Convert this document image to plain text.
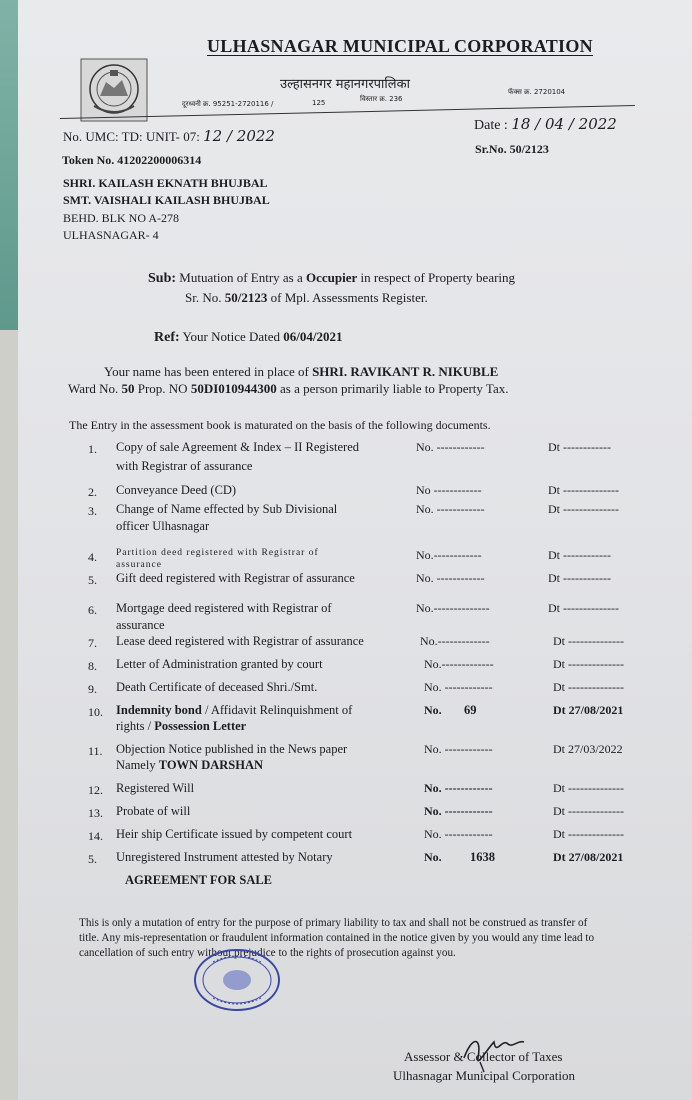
ULHASNAGAR MUNICIPAL CORPORATION
उल्हासनगर महानगरपालिका
दूरध्वनी क्र. 95251-2720116 /	125	विस्तार क्र. 236
फॅक्स क्र. 2720104
No. UMC: TD: UNIT- 07: 12 / 2022
Date : 18 / 04 / 2022
Token No. 41202200006314
Sr.No. 50/2123
SHRI. KAILASH EKNATH BHUJBAL
SMT. VAISHALI KAILASH BHUJBAL
BEHD. BLK NO A-278
ULHASNAGAR- 4
Sub: Mutuation of Entry as a Occupier in respect of Property bearing
Sr. No. 50/2123 of Mpl. Assessments Register.
Ref: Your Notice Dated 06/04/2021
Your name has been entered in place of SHRI. RAVIKANT R. NIKUBLE
Ward No. 50 Prop. NO 50DI010944300 as a person primarily liable to Property Tax.
The Entry in the assessment book is maturated on the basis of the following documents.
1. Copy of sale Agreement & Index – II Registered
with Registrar of assurance
No. ------------	Dt ------------
2. Conveyance Deed (CD)	No ------------	Dt --------------
3. Change of Name effected by Sub Divisional
officer Ulhasnagar
No. ------------	Dt --------------
4. Partition deed registered with Registrar of
assurance
No.------------	Dt ------------
5. Gift deed registered with Registrar of assurance	No. ------------	Dt ------------
6. Mortgage deed registered with Registrar of
assurance
No.--------------	Dt --------------
7. Lease deed registered with Registrar of assurance	No.-------------	Dt --------------
8. Letter of Administration granted by court	No.-------------	Dt --------------
9. Death Certificate of deceased Shri./Smt.	No. ------------	Dt --------------
10. Indemnity bond / Affidavit Relinquishment of
rights / Possession Letter
No. 69	Dt 27/08/2021
11. Objection Notice published in the News paper
Namely TOWN DARSHAN
No. ------------	Dt 27/03/2022
12. Registered Will	No. ------------	Dt --------------
13. Probate of will	No. ------------	Dt --------------
14. Heir ship Certificate issued by competent court	No. ------------	Dt --------------
5. Unregistered Instrument attested by Notary
AGREEMENT FOR SALE
No. 1638	Dt 27/08/2021
This is only a mutation of entry for the purpose of primary liability to tax and shall not be construed as transfer of
title. Any mis-representation or fraudulent information contained in the notice given by you would any time lead to
cancellation of such entry without prejudice to the rights of prosecution against you.
Assessor & Collector of Taxes
Ulhasnagar Municipal Corporation
